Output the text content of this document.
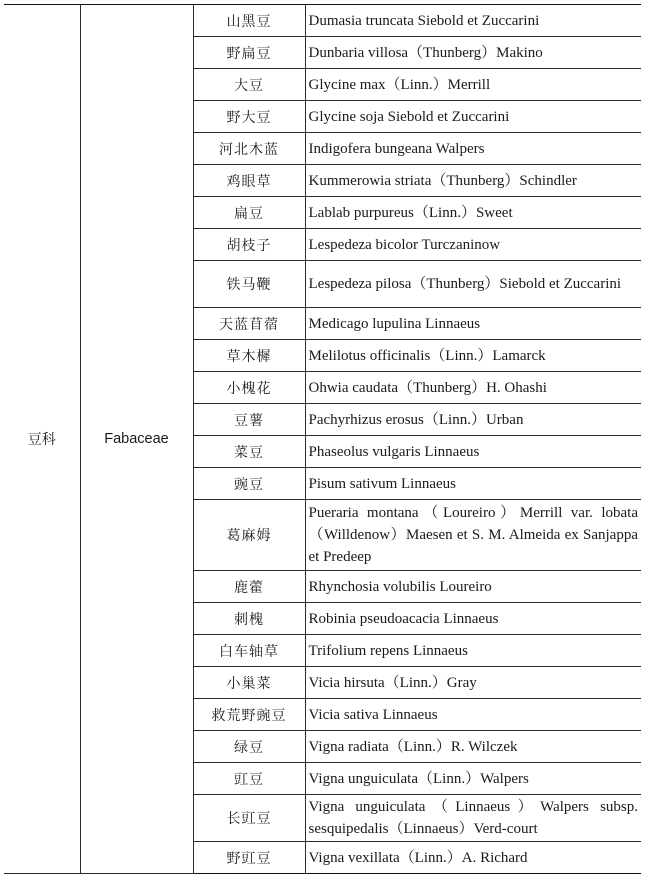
豆科	Fabaceae	山黑豆	Dumasia truncata Siebold et Zuccarini
		野扁豆	Dunbaria villosa（Thunberg）Makino
		大豆	Glycine max（Linn.）Merrill
		野大豆	Glycine soja Siebold et Zuccarini
		河北木蓝	Indigofera bungeana Walpers
		鸡眼草	Kummerowia striata（Thunberg）Schindler
		扁豆	Lablab purpureus（Linn.）Sweet
		胡枝子	Lespedeza bicolor Turczaninow
		铁马鞭	Lespedeza pilosa（Thunberg）Siebold et Zuccarini
		天蓝苜蓿	Medicago lupulina Linnaeus
		草木樨	Melilotus officinalis（Linn.）Lamarck
		小槐花	Ohwia caudata（Thunberg）H. Ohashi
		豆薯	Pachyrhizus erosus（Linn.）Urban
		菜豆	Phaseolus vulgaris Linnaeus
		豌豆	Pisum sativum Linnaeus
		葛麻姆	Pueraria montana（Loureiro）Merrill var. lobata（Willdenow）Maesen et S. M. Almeida ex Sanjappa et Predeep
		鹿藿	Rhynchosia volubilis Loureiro
		刺槐	Robinia pseudoacacia Linnaeus
		白车轴草	Trifolium repens Linnaeus
		小巢菜	Vicia hirsuta（Linn.）Gray
		救荒野豌豆	Vicia sativa Linnaeus
		绿豆	Vigna radiata（Linn.）R. Wilczek
		豇豆	Vigna unguiculata（Linn.）Walpers
		长豇豆	Vigna unguiculata（Linnaeus）Walpers subsp. sesquipedalis（Linnaeus）Verd-court
		野豇豆	Vigna vexillata（Linn.）A. Richard
